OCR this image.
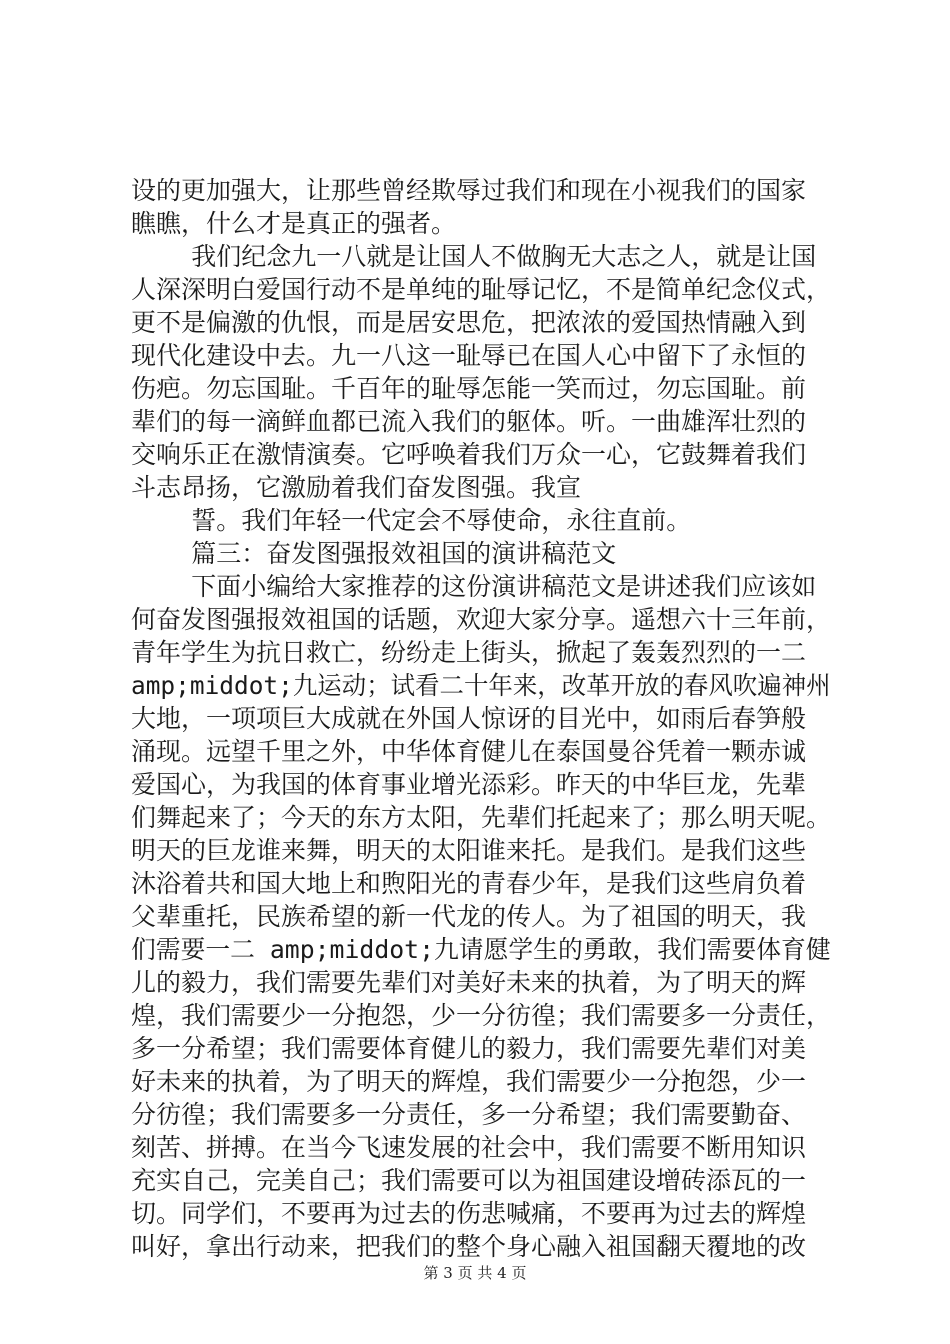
设的更加强大，让那些曾经欺辱过我们和现在小视我们的国家
瞧瞧，什么才是真正的强者。
我们纪念九一八就是让国人不做胸无大志之人，就是让国
人深深明白爱国行动不是单纯的耻辱记忆，不是简单纪念仪式，
更不是偏激的仇恨，而是居安思危，把浓浓的爱国热情融入到
现代化建设中去。九一八这一耻辱已在国人心中留下了永恒的
伤疤。勿忘国耻。千百年的耻辱怎能一笑而过，勿忘国耻。前
辈们的每一滴鲜血都已流入我们的躯体。听。一曲雄浑壮烈的
交响乐正在激情演奏。它呼唤着我们万众一心，它鼓舞着我们
斗志昂扬，它激励着我们奋发图强。我宣
誓。我们年轻一代定会不辱使命，永往直前。
篇三：奋发图强报效祖国的演讲稿范文
下面小编给大家推荐的这份演讲稿范文是讲述我们应该如
何奋发图强报效祖国的话题，欢迎大家分享。遥想六十三年前，
青年学生为抗日救亡，纷纷走上街头，掀起了轰轰烈烈的一二
amp;middot;九运动；试看二十年来，改革开放的春风吹遍神州
大地，一项项巨大成就在外国人惊讶的目光中，如雨后春笋般
涌现。远望千里之外，中华体育健儿在泰国曼谷凭着一颗赤诚
爱国心，为我国的体育事业增光添彩。昨天的中华巨龙，先辈
们舞起来了；今天的东方太阳，先辈们托起来了；那么明天呢。
明天的巨龙谁来舞，明天的太阳谁来托。是我们。是我们这些
沐浴着共和国大地上和煦阳光的青春少年，是我们这些肩负着
父辈重托，民族希望的新一代龙的传人。为了祖国的明天，我
们需要一二 amp;middot;九请愿学生的勇敢，我们需要体育健
儿的毅力，我们需要先辈们对美好未来的执着，为了明天的辉
煌，我们需要少一分抱怨，少一分彷徨；我们需要多一分责任，
多一分希望；我们需要体育健儿的毅力，我们需要先辈们对美
好未来的执着，为了明天的辉煌，我们需要少一分抱怨，少一
分彷徨；我们需要多一分责任，多一分希望；我们需要勤奋、
刻苦、拼搏。在当今飞速发展的社会中，我们需要不断用知识
充实自己，完美自己；我们需要可以为祖国建设增砖添瓦的一
切。同学们，不要再为过去的伤悲喊痛，不要再为过去的辉煌
叫好，拿出行动来，把我们的整个身心融入祖国翻天覆地的改
第 3 页 共 4 页
